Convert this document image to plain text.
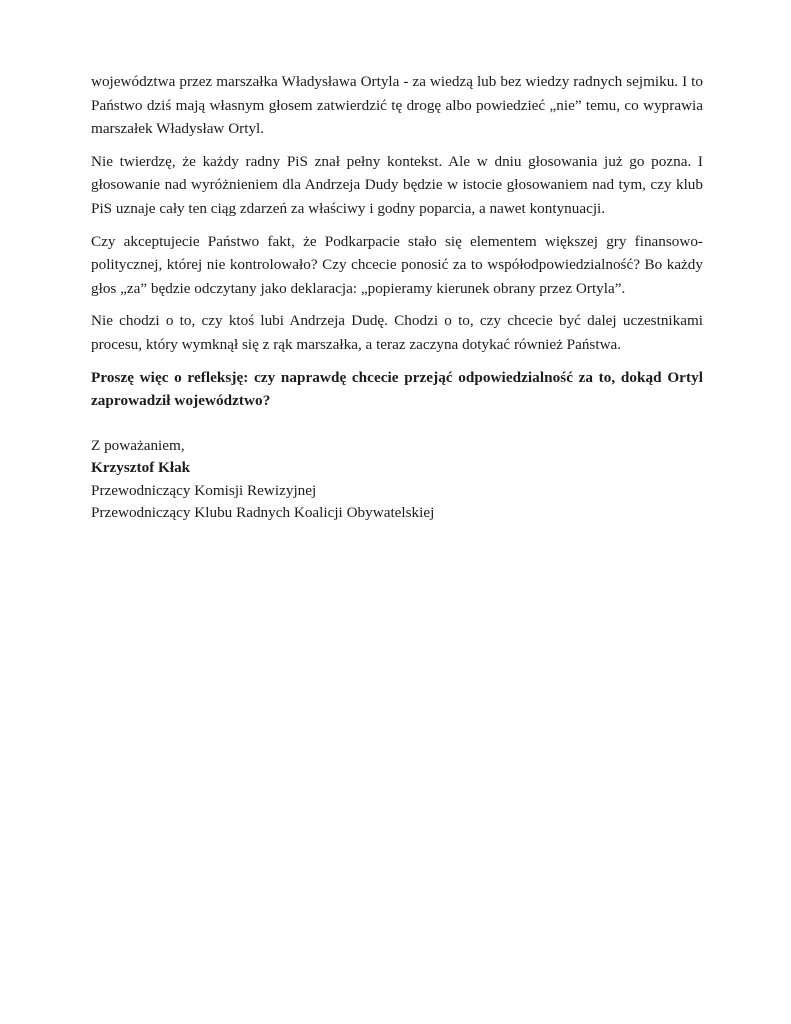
województwa przez marszałka Władysława Ortyla - za wiedzą lub bez wiedzy radnych sejmiku. I to Państwo dziś mają własnym głosem zatwierdzić tę drogę albo powiedzieć „nie” temu, co wyprawia marszałek Władysław Ortyl.

Nie twierdzę, że każdy radny PiS znał pełny kontekst. Ale w dniu głosowania już go pozna. I głosowanie nad wyróżnieniem dla Andrzeja Dudy będzie w istocie głosowaniem nad tym, czy klub PiS uznaje cały ten ciąg zdarzeń za właściwy i godny poparcia, a nawet kontynuacji.

Czy akceptujecie Państwo fakt, że Podkarpacie stało się elementem większej gry finansowo-politycznej, której nie kontrolowało? Czy chcecie ponosić za to współodpowiedzialność? Bo każdy głos „za” będzie odczytany jako deklaracja: „popieramy kierunek obrany przez Ortyla”.

Nie chodzi o to, czy ktoś lubi Andrzeja Dudę. Chodzi o to, czy chcecie być dalej uczestnikami procesu, który wymknął się z rąk marszałka, a teraz zaczyna dotykać również Państwa.

Proszę więc o refleksję: czy naprawdę chcecie przejąć odpowiedzialność za to, dokąd Ortyl zaprowadził województwo?

Z poważaniem,

Krzysztof Kłak
Przewodniczący Komisji Rewizyjnej
Przewodniczący Klubu Radnych Koalicji Obywatelskiej
